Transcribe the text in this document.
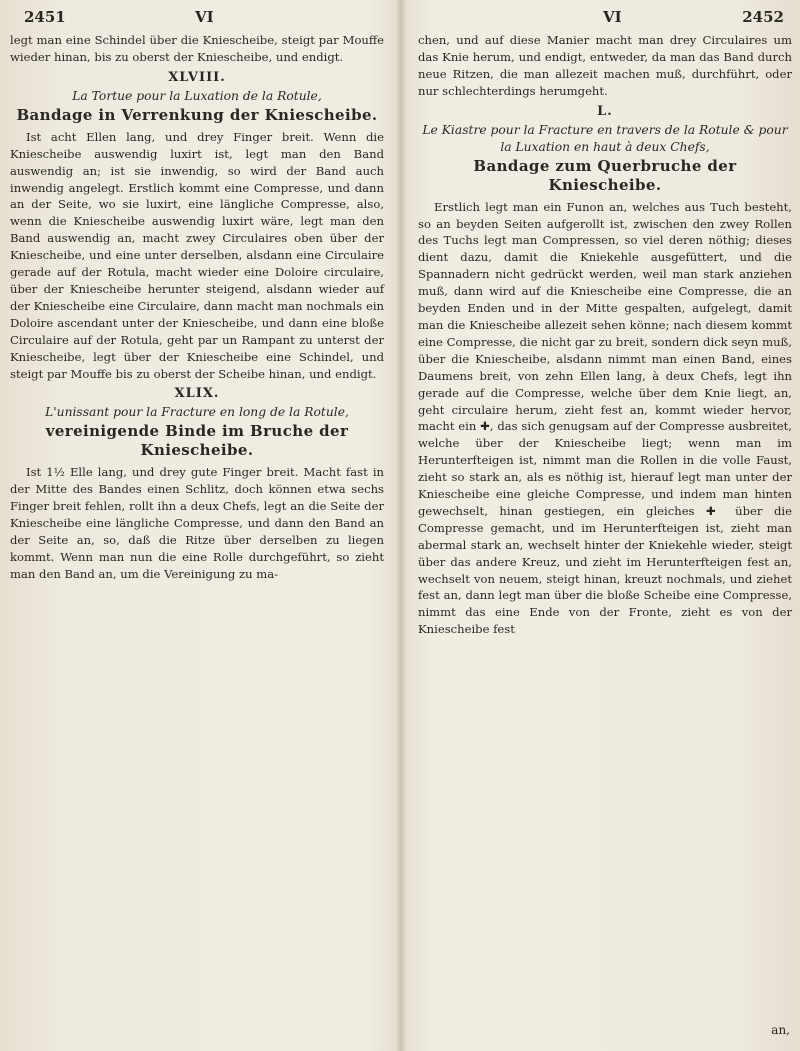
2451	VI

legt man eine Schindel über die Kniescheibe, steigt par Mouffe wieder hinan, bis zu oberst der Kniescheibe, und endigt.

XLVIII.

La Tortue pour la Luxation de la Rotule,

Bandage in Verrenkung der Kniescheibe.

Ist acht Ellen lang, und drey Finger breit. Wenn die Kniescheibe auswendig luxirt ist, legt man den Band auswendig an; ist sie inwendig, so wird der Band auch inwendig angelegt. Erstlich kommt eine Compresse, und dann an der Seite, wo sie luxirt, eine längliche Compresse, also, wenn die Kniescheibe auswendig luxirt wäre, legt man den Band auswendig an, macht zwey Circulaires oben über der Kniescheibe, und eine unter derselben, alsdann eine Circulaire gerade auf der Rotula, macht wieder eine Doloire circulaire, über der Kniescheibe herunter steigend, alsdann wieder auf der Kniescheibe eine Circulaire, dann macht man nochmals ein Doloire ascendant unter der Kniescheibe, und dann eine bloße Circulaire auf der Rotula, geht par un Rampant zu unterst der Kniescheibe, legt über der Kniescheibe eine Schindel, und steigt par Mouffe bis zu oberst der Scheibe hinan, und endigt.

XLIX.

L'unissant pour la Fracture en long de la Rotule,

vereinigende Binde im Bruche der Kniescheibe.

Ist 1½ Elle lang, und drey gute Finger breit. Macht fast in der Mitte des Bandes einen Schlitz, doch können etwa sechs Finger breit fehlen, rollt ihn a deux Chefs, legt an die Seite der Kniescheibe eine längliche Compresse, und dann den Band an der Seite an, so, daß die Ritze über derselben zu liegen kommt. Wenn man nun die eine Rolle durchgeführt, so zieht man den Band an, um die Vereinigung zu ma-

VI	2452

chen, und auf diese Manier macht man drey Circulaires um das Knie herum, und endigt, entweder, da man das Band durch neue Ritzen, die man allezeit machen muß, durchführt, oder nur schlechterdings herumgeht.

L.

Le Kiastre pour la Fracture en travers de la Rotule & pour la Luxation en haut à deux Chefs,

Bandage zum Querbruche der Kniescheibe.

Erstlich legt man ein Funon an, welches aus Tuch besteht, so an beyden Seiten aufgerollt ist, zwischen den zwey Rollen des Tuchs legt man Compressen, so viel deren nöthig; dieses dient dazu, damit die Kniekehle ausgefüttert, und die Spannadern nicht gedrückt werden, weil man stark anziehen muß, dann wird auf die Kniescheibe eine Compresse, die an beyden Enden und in der Mitte gespalten, aufgelegt, damit man die Kniescheibe allezeit sehen könne; nach diesem kommt eine Compresse, die nicht gar zu breit, sondern dick seyn muß, über die Kniescheibe, alsdann nimmt man einen Band, eines Daumens breit, von zehn Ellen lang, à deux Chefs, legt ihn gerade auf die Compresse, welche über dem Knie liegt, an, geht circulaire herum, zieht fest an, kommt wieder hervor, macht ein ✚, das sich genugsam auf der Compresse ausbreitet, welche über der Kniescheibe liegt; wenn man im Herunterfteigen ist, nimmt man die Rollen in die volle Faust, zieht so stark an, als es nöthig ist, hierauf legt man unter der Kniescheibe eine gleiche Compresse, und indem man hinten gewechselt, hinan gestiegen, ein gleiches ✚ über die Compresse gemacht, und im Herunterfteigen ist, zieht man abermal stark an, wechselt hinter der Kniekehle wieder, steigt über das andere Kreuz, und zieht im Herunterfteigen fest an, wechselt von neuem, steigt hinan, kreuzt nochmals, und ziehet fest an, dann legt man über die bloße Scheibe eine Compresse, nimmt das eine Ende von der Fronte, zieht es von der Kniescheibe fest

an,
